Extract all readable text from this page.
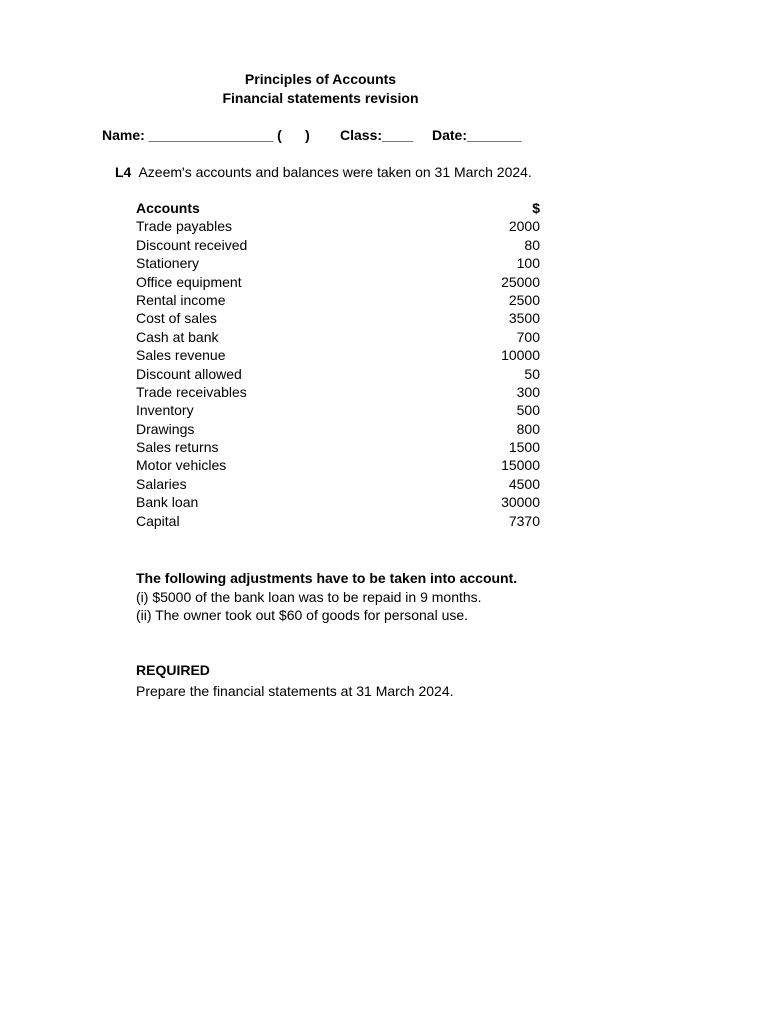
Principles of Accounts
Financial statements revision
Name: ________________ (      ) Class:____ Date:_______
L4 Azeem's accounts and balances were taken on 31 March 2024.
Accounts	$
Trade payables	2000
Discount received	80
Stationery	100
Office equipment	25000
Rental income	2500
Cost of sales	3500
Cash at bank	700
Sales revenue	10000
Discount allowed	50
Trade receivables	300
Inventory	500
Drawings	800
Sales returns	1500
Motor vehicles	15000
Salaries	4500
Bank loan	30000
Capital	7370
The following adjustments have to be taken into account.
(i) $5000 of the bank loan was to be repaid in 9 months.
(ii) The owner took out $60 of goods for personal use.
REQUIRED
Prepare the financial statements at 31 March 2024.
